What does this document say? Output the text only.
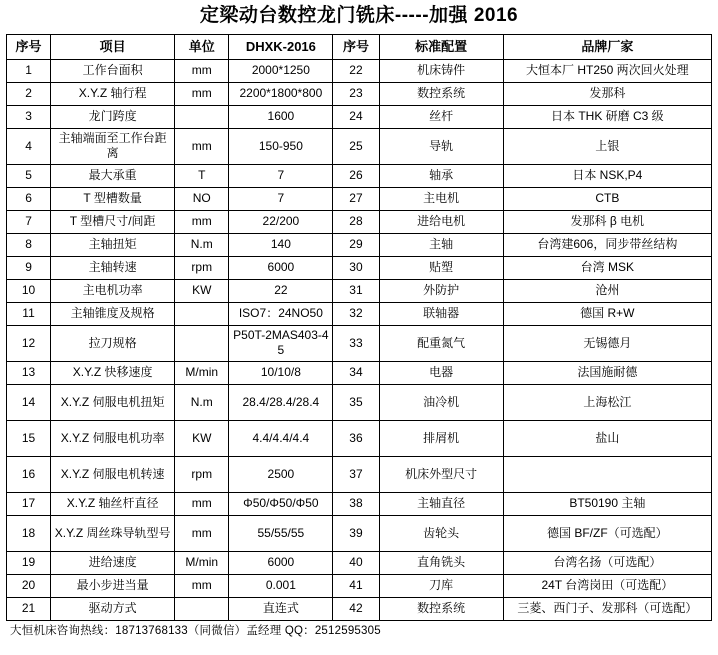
定梁动台数控龙门铣床-----加强 2016
序号	项目	单位	DHXK-2016	序号	标准配置	品牌厂家
1	工作台面积	mm	2000*1250	22	机床铸件	大恒本厂 HT250 两次回火处理
2	X.Y.Z 轴行程	mm	2200*1800*800	23	数控系统	发那科
3	龙门跨度		1600	24	丝杆	日本 THK 研磨 C3 级
4	主轴端面至工作台距离	mm	150-950	25	导轨	上银
5	最大承重	T	7	26	轴承	日本 NSK,P4
6	T 型槽数量	NO	7	27	主电机	CTB
7	T 型槽尺寸/间距	mm	22/200	28	进给电机	发那科 β 电机
8	主轴扭矩	N.m	140	29	主轴	台湾建606，同步带丝结构
9	主轴转速	rpm	6000	30	贴塑	台湾 MSK
10	主电机功率	KW	22	31	外防护	沧州
11	主轴锥度及规格		ISO7：24NO50	32	联轴器	德国 R+W
12	拉刀规格		P50T-2MAS403-45	33	配重氮气	无锡德月
13	X.Y.Z 快移速度	M/min	10/10/8	34	电器	法国施耐德
14	X.Y.Z 伺服电机扭矩	N.m	28.4/28.4/28.4	35	油冷机	上海松江
15	X.Y.Z 伺服电机功率	KW	4.4/4.4/4.4	36	排屑机	盐山
16	X.Y.Z 伺服电机转速	rpm	2500	37	机床外型尺寸	
17	X.Y.Z 轴丝杆直径	mm	Φ50/Φ50/Φ50	38	主轴直径	BT50190 主轴
18	X.Y.Z 周丝珠导轨型号	mm	55/55/55	39	齿轮头	德国 BF/ZF（可选配）
19	进给速度	M/min	6000	40	直角铣头	台湾名扬（可选配）
20	最小步进当量	mm	0.001	41	刀库	24T 台湾岗田（可选配）
21	驱动方式		直连式	42	数控系统	三菱、西门子、发那科（可选配）
大恒机床咨询热线：18713768133（同微信）孟经理 QQ：2512595305
